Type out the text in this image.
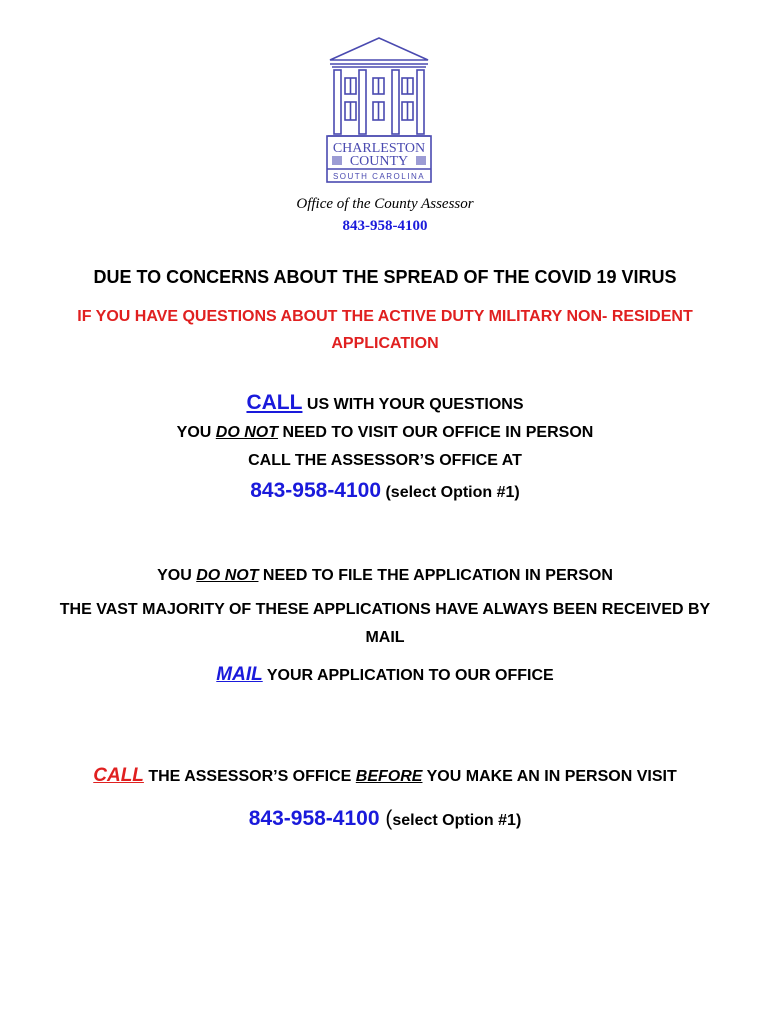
CHARLESTON
COUNTY
SOUTH CAROLINA
Office of the County Assessor
843-958-4100
DUE TO CONCERNS ABOUT THE SPREAD OF THE COVID 19 VIRUS
IF YOU HAVE QUESTIONS ABOUT THE ACTIVE DUTY MILITARY NON- RESIDENT
APPLICATION
CALL US WITH YOUR QUESTIONS
YOU DO NOT NEED TO VISIT OUR OFFICE IN PERSON
CALL THE ASSESSOR’S OFFICE AT
843-958-4100 (select Option #1)
YOU DO NOT NEED TO FILE THE APPLICATION IN PERSON
THE VAST MAJORITY OF THESE APPLICATIONS HAVE ALWAYS BEEN RECEIVED BY
MAIL
MAIL YOUR APPLICATION TO OUR OFFICE
CALL THE ASSESSOR’S OFFICE BEFORE YOU MAKE AN IN PERSON VISIT
843-958-4100 (select Option #1)
